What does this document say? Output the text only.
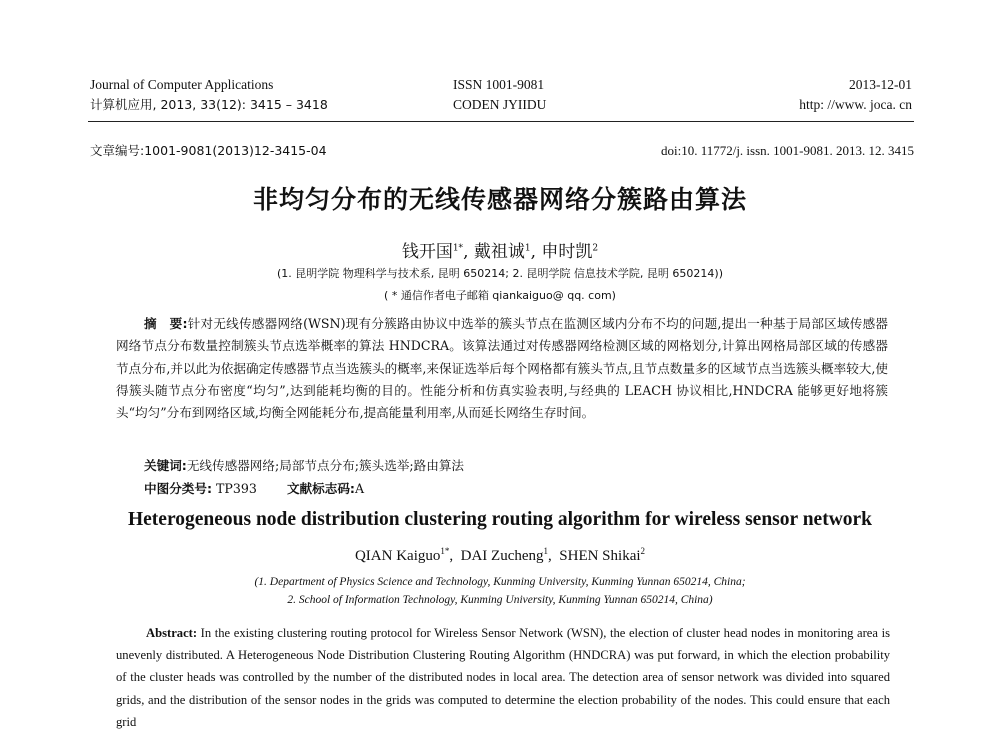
Journal of Computer Applications
计算机应用, 2013, 33(12): 3415 – 3418
ISSN 1001-9081
CODEN JYIIDU
2013-12-01
http: //www. joca. cn
文章编号:1001-9081(2013)12-3415-04	doi:10. 11772/j. issn. 1001-9081. 2013. 12. 3415
非均匀分布的无线传感器网络分簇路由算法
钱开国$^{1*}$, 戴祖诚$^1$, 申时凯$^2$
(1. 昆明学院 物理科学与技术系, 昆明 650214; 2. 昆明学院 信息技术学院, 昆明 650214))
( * 通信作者电子邮箱 qiankaiguo@ qq. com)
摘　要:针对无线传感器网络(WSN)现有分簇路由协议中选举的簇头节点在监测区域内分布不均的问题,提出一种基于局部区域传感器网络节点分布数量控制簇头节点选举概率的算法 HNDCRA。该算法通过对传感器网络检测区域的网格划分,计算出网格局部区域的传感器节点分布,并以此为依据确定传感器节点当选簇头的概率,来保证选举后每个网格都有簇头节点,且节点数量多的区域节点当选簇头概率较大,使得簇头随节点分布密度“均匀”,达到能耗均衡的目的。性能分析和仿真实验表明,与经典的 LEACH 协议相比,HNDCRA 能够更好地将簇头“均匀”分布到网络区域,均衡全网能耗分布,提高能量利用率,从而延长网络生存时间。
关键词:无线传感器网络;局部节点分布;簇头选举;路由算法
中图分类号: TP393 文献标志码:A
Heterogeneous node distribution clustering routing algorithm for wireless sensor network
QIAN Kaiguo$^{1*}$,  DAI Zucheng$^1$,  SHEN Shikai$^2$
(1. Department of Physics Science and Technology, Kunming University, Kunming Yunnan 650214, China;
2. School of Information Technology, Kunming University, Kunming Yunnan 650214, China)
Abstract: In the existing clustering routing protocol for Wireless Sensor Network (WSN), the election of cluster head nodes in monitoring area is unevenly distributed. A Heterogeneous Node Distribution Clustering Routing Algorithm (HNDCRA) was put forward, in which the election probability of the cluster heads was controlled by the number of the distributed nodes in local area. The detection area of sensor network was divided into squared grids, and the distribution of the sensor nodes in the grids was computed to determine the election probability of the nodes. This could ensure that each grid
